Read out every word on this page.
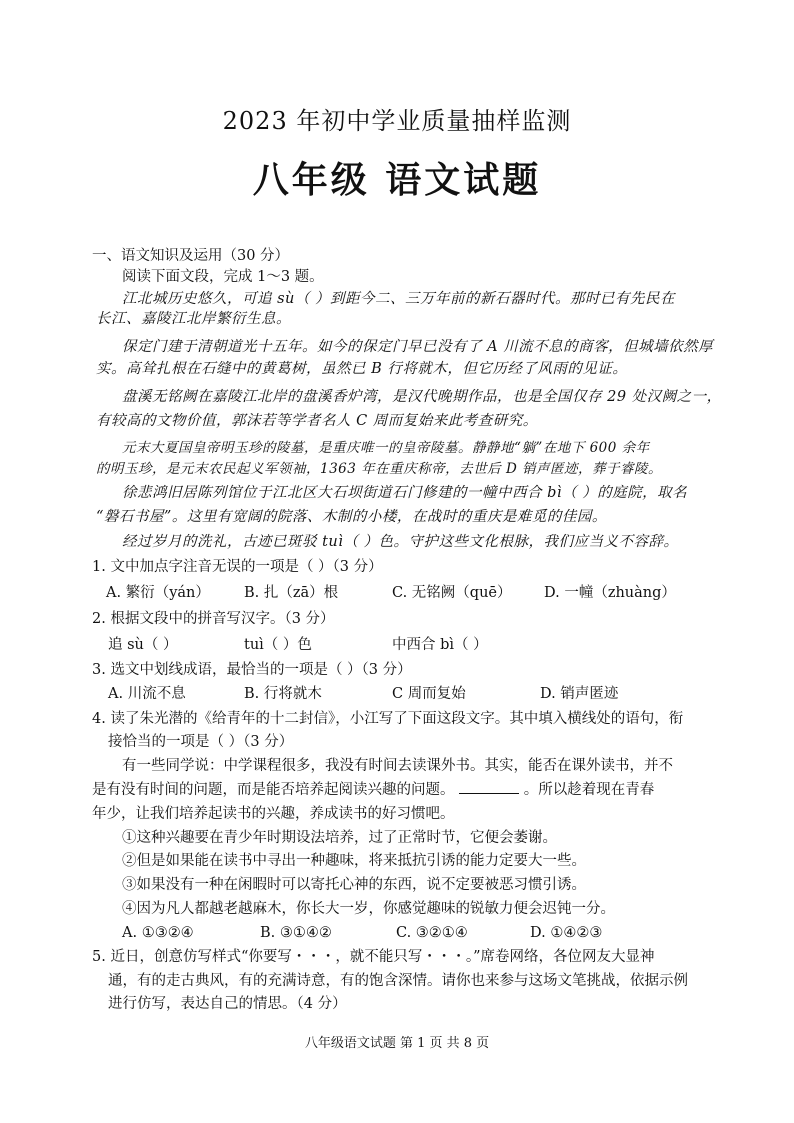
2023 年初中学业质量抽样监测
八年级 语文试题
一、语文知识及运用（30 分）
阅读下面文段，完成 1～3 题。
江北城历史悠久，可追 sù（ ）到距今二、三万年前的新石器时代。那时已有先民在
长江、嘉陵江北岸繁衍生息。
保定门建于清朝道光十五年。如今的保定门早已没有了 A 川流不息的商客，但城墙依然厚
实。高耸扎根在石缝中的黄葛树，虽然已 B 行将就木，但它历经了风雨的见证。
盘溪无铭阙在嘉陵江北岸的盘溪香炉湾，是汉代晚期作品，也是全国仅存 29 处汉阙之一，
有较高的文物价值，郭沫若等学者名人 C 周而复始来此考查研究。
元末大夏国皇帝明玉珍的陵墓，是重庆唯一的皇帝陵墓。静静地“躺”在地下 600 余年
的明玉珍，是元末农民起义军领袖，1363 年在重庆称帝，去世后 D 销声匿迹，葬于睿陵。
徐悲鸿旧居陈列馆位于江北区大石坝街道石门修建的一幢中西合 bì（ ）的庭院，取名
“磐石书屋”。这里有宽阔的院落、木制的小楼，在战时的重庆是难觅的佳园。
经过岁月的洗礼，古迹已斑驳 tuì（ ）色。守护这些文化根脉，我们应当义不容辞。
1. 文中加点字注音无误的一项是（ ）（3 分）
A. 繁衍（yán） B. 扎（zā）根	C. 无铭阙（quē） D. 一幢（zhuàng）
2. 根据文段中的拼音写汉字。（3 分）
追 sù（ ）	tuì（ ）色	中西合 bì（ ）
3. 选文中划线成语，最恰当的一项是（ ）（3 分）
A. 川流不息	B. 行将就木	C 周而复始	D. 销声匿迹
4. 读了朱光潜的《给青年的十二封信》，小江写了下面这段文字。其中填入横线处的语句，衔
接恰当的一项是（ ）（3 分）
有一些同学说：中学课程很多，我没有时间去读课外书。其实，能否在课外读书，并不
是有没有时间的问题，而是能否培养起阅读兴趣的问题。	。所以趁着现在青春
年少，让我们培养起读书的兴趣，养成读书的好习惯吧。
①这种兴趣要在青少年时期设法培养，过了正常时节，它便会萎谢。
②但是如果能在读书中寻出一种趣味，将来抵抗引诱的能力定要大一些。
③如果没有一种在闲暇时可以寄托心神的东西，说不定要被恶习惯引诱。
④因为凡人都越老越麻木，你长大一岁，你感觉趣味的锐敏力便会迟钝一分。
A. ①③②④	B. ③①④②	C. ③②①④	D. ①④②③
5. 近日，创意仿写样式“你要写・・・，就不能只写・・・。”席卷网络，各位网友大显神
通，有的走古典风，有的充满诗意，有的饱含深情。请你也来参与这场文笔挑战，依据示例
进行仿写，表达自己的情思。（4 分）
八年级语文试题 第 1 页 共 8 页
